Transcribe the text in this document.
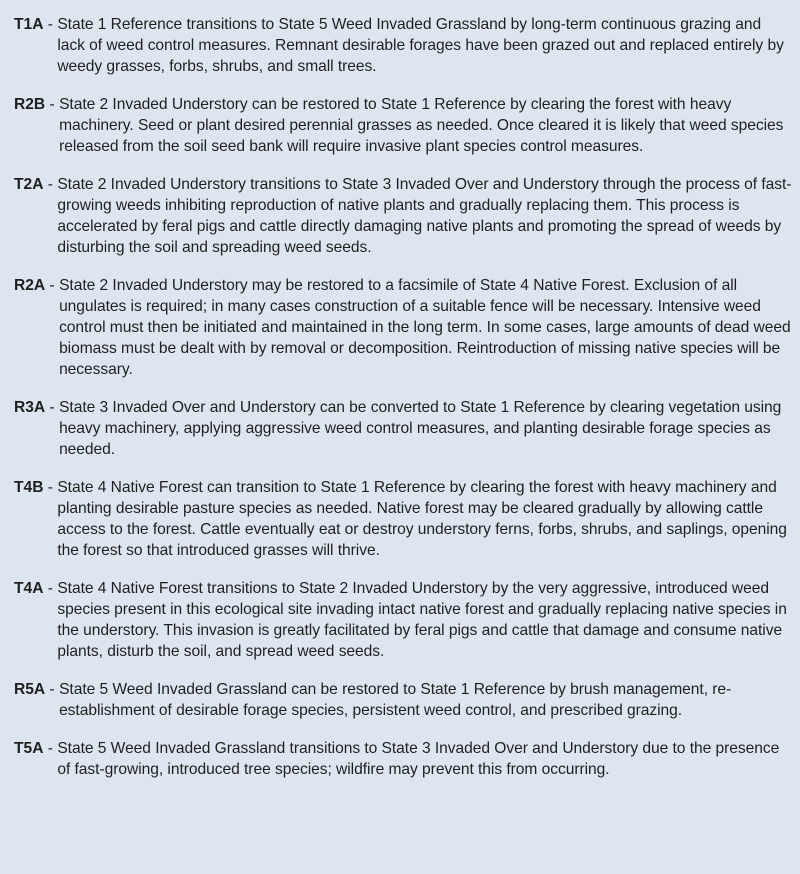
T1A - State 1 Reference transitions to State 5 Weed Invaded Grassland by long-term continuous grazing and lack of weed control measures. Remnant desirable forages have been grazed out and replaced entirely by weedy grasses, forbs, shrubs, and small trees.
R2B - State 2 Invaded Understory can be restored to State 1 Reference by clearing the forest with heavy machinery. Seed or plant desired perennial grasses as needed. Once cleared it is likely that weed species released from the soil seed bank will require invasive plant species control measures.
T2A - State 2 Invaded Understory transitions to State 3 Invaded Over and Understory through the process of fast-growing weeds inhibiting reproduction of native plants and gradually replacing them. This process is accelerated by feral pigs and cattle directly damaging native plants and promoting the spread of weeds by disturbing the soil and spreading weed seeds.
R2A - State 2 Invaded Understory may be restored to a facsimile of State 4 Native Forest. Exclusion of all ungulates is required; in many cases construction of a suitable fence will be necessary. Intensive weed control must then be initiated and maintained in the long term. In some cases, large amounts of dead weed biomass must be dealt with by removal or decomposition. Reintroduction of missing native species will be necessary.
R3A - State 3 Invaded Over and Understory can be converted to State 1 Reference by clearing vegetation using heavy machinery, applying aggressive weed control measures, and planting desirable forage species as needed.
T4B - State 4 Native Forest can transition to State 1 Reference by clearing the forest with heavy machinery and planting desirable pasture species as needed. Native forest may be cleared gradually by allowing cattle access to the forest. Cattle eventually eat or destroy understory ferns, forbs, shrubs, and saplings, opening the forest so that introduced grasses will thrive.
T4A - State 4 Native Forest transitions to State 2 Invaded Understory by the very aggressive, introduced weed species present in this ecological site invading intact native forest and gradually replacing native species in the understory. This invasion is greatly facilitated by feral pigs and cattle that damage and consume native plants, disturb the soil, and spread weed seeds.
R5A - State 5 Weed Invaded Grassland can be restored to State 1 Reference by brush management, re-establishment of desirable forage species, persistent weed control, and prescribed grazing.
T5A - State 5 Weed Invaded Grassland transitions to State 3 Invaded Over and Understory due to the presence of fast-growing, introduced tree species; wildfire may prevent this from occurring.
